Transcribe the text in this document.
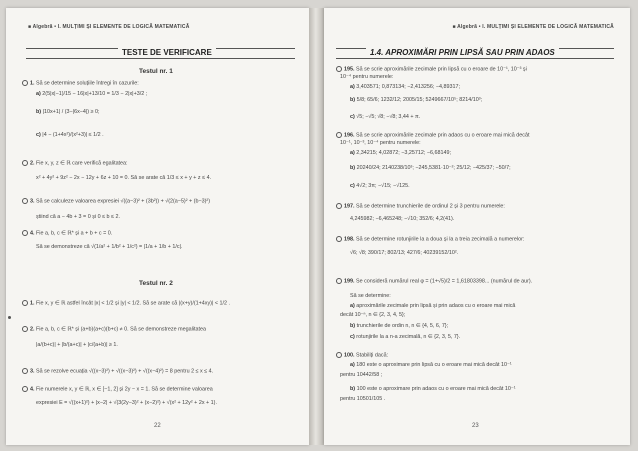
■ Algebră • I. MULȚIMI ȘI ELEMENTE DE LOGICĂ MATEMATICĂ
TESTE DE VERIFICARE
Testul nr. 1
1. Să se determine soluțiile întregi în cazurile:
a) 2(5|x|−1)/15 − 16|x|+13/10 = 1/3 − 2|x|+3/2 ;
b) |10x+1| / (3−|6x−4|) ≥ 0;
c) |4 − (1+4x²)/(x²+3)| ≤ 1/2 .
2. Fie x, y, z ∈ ℝ care verifică egalitatea:
x² + 4y² + 9z² − 2x − 12y + 6z + 10 = 0. Să se arate că 1/3 ≤ x + y + z ≤ 4.
3. Să se calculeze valoarea expresiei √((a−3)² + (3b²)) + √(2(a−5)² + (b−3)²)
știind că a − 4b + 3 = 0 și 0 ≤ b ≤ 2.
4. Fie a, b, c ∈ ℝ* și a + b + c = 0.
Să se demonstreze că √(1/a² + 1/b² + 1/c²) = |1/a + 1/b + 1/c|.
Testul nr. 2
1. Fie x, y ∈ ℝ astfel încât |x| < 1/2 și |y| < 1/2. Să se arate că |(x+y)/(1+4xy)| < 1/2 .
2. Fie a, b, c ∈ ℝ* și (a+b)(a+c)(b+c) ≠ 0. Să se demonstreze megalitatea
|a/(b+c)| + |b/(a+c)| + |c/(a+b)| ≥ 1.
3. Să se rezolve ecuația √((x−3)²) + √((x−3)²) + √((x−4)²) = 8 pentru 2 ≤ x ≤ 4.
4. Fie numerele x, y ∈ ℝ, x ∈ [−1, 2] și 2y − x = 1. Să se determine valoarea
expresiei E = √((x+1)²) + |x−2| + √(3(2y−3)² + (x−2)²) + √(x² + 12y² + 2x + 1).
22
■ Algebră • I. MULȚIMI ȘI ELEMENTE DE LOGICĂ MATEMATICĂ
1.4. APROXIMĂRI PRIN LIPSĂ SAU PRIN ADAOS
195. Să se scrie aproximările zecimale prin lipsă cu o eroare de 10⁻¹, 10⁻³ și
10⁻⁴ pentru numerele:
a) 3,403571; 0,873134; −2,413256; −4,89317;
b) 5/8; 65/6; 1232/12; 2005/15; 5249667/10⁵; 8214/10³;
c) √5; −√5; √8; −√8; 3,44 + π.
196. Să se scrie aproximările zecimale prin adaos cu o eroare mai mică decât
10⁻¹, 10⁻³, 10⁻⁴ pentru numerele:
a) 2,34215; 4,02872; −3,25712; −6,68149;
b) 20240/24; 2140238/10³; −245,5381·10⁻²; 25/12; −425/37; −50/7;
c) 4√2; 3π; −√15; −√125.
197. Să se determine trunchierile de ordinul 2 și 3 pentru numerele:
4,245982; −6,465248; −√10; 352/6; 4,2(41).
198. Să se determine rotunjirile la a doua și la a treia zecimală a numerelor:
√6; √8; 390/17; 802/13; 427/6; 40239152/10².
199. Se consideră numărul real φ = (1+√5)/2 = 1,61803398... (numărul de aur).
Să se determine:
a) aproximările zecimale prin lipsă și prin adaos cu o eroare mai mică
decât 10⁻ⁿ, n ∈ {2, 3, 4, 5};
b) trunchierile de ordin n, n ∈ {4, 5, 6, 7};
c) rotunjirile la a n-a zecimală, n ∈ {2, 3, 5, 7}.
100. Stabiliți dacă:
a) 180 este o aproximare prin lipsă cu o eroare mai mică decât 10⁻¹
pentru 10442/58 ;
b) 100 este o aproximare prin adaos cu o eroare mai mică decât 10⁻¹
pentru 10501/105 .
23
